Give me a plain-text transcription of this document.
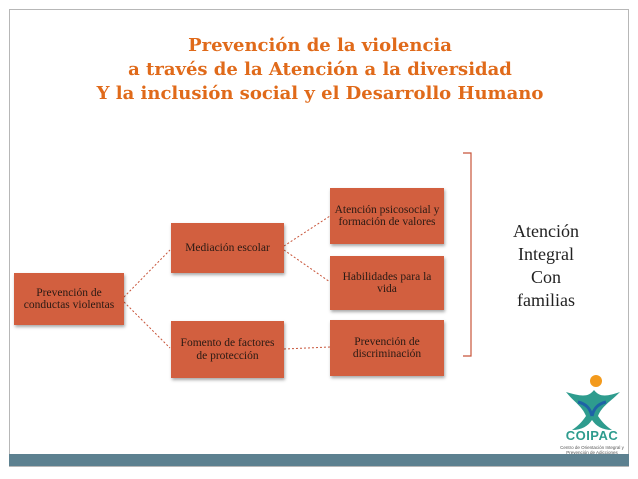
Prevención de la violencia
a través de la Atención a la diversidad
Y la inclusión social y el Desarrollo Humano
Prevención de conductas violentas
Mediación escolar
Fomento de factores de protección
Atención psicosocial y formación de valores
Habilidades para la vida
Prevención de discriminación
Atención
Integral
Con
familias
COIPAC
Centro de Orientación Integral y Prevención de Adicciones
